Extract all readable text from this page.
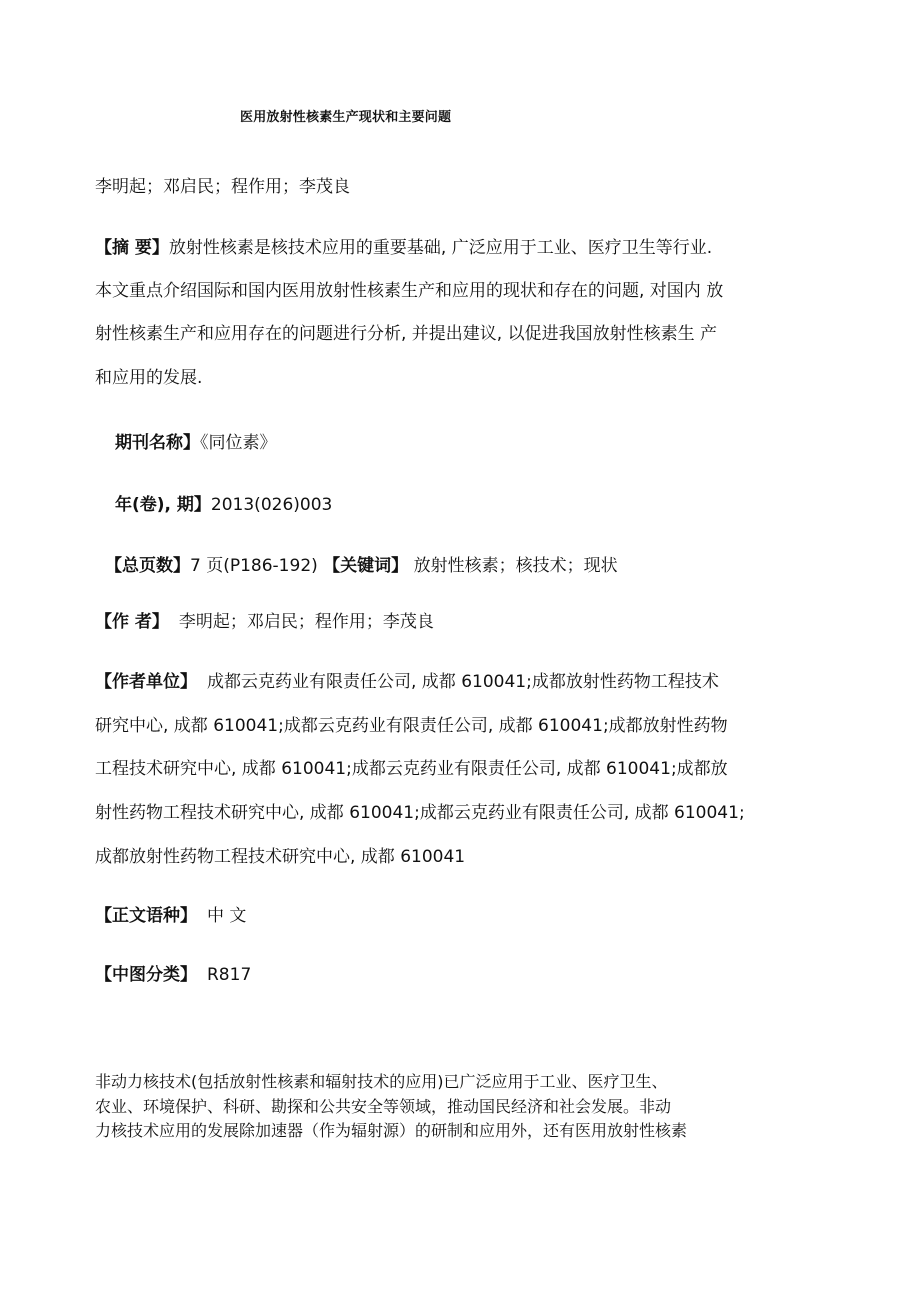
医用放射性核素生产现状和主要问题
李明起；邓启民；程作用；李茂良
【摘 要】放射性核素是核技术应用的重要基础, 广泛应用于工业、医疗卫生等行业.
本文重点介绍国际和国内医用放射性核素生产和应用的现状和存在的问题, 对国内 放
射性核素生产和应用存在的问题进行分析, 并提出建议, 以促进我国放射性核素生 产
和应用的发展.
期刊名称】《同位素》
年(卷), 期】2013(026)003
【总页数】7 页(P186-192) 【关键词】 放射性核素；核技术；现状
【作 者】 李明起；邓启民；程作用；李茂良
【作者单位】 成都云克药业有限责任公司, 成都 610041;成都放射性药物工程技术
研究中心, 成都 610041;成都云克药业有限责任公司, 成都 610041;成都放射性药物
工程技术研究中心, 成都 610041;成都云克药业有限责任公司, 成都 610041;成都放
射性药物工程技术研究中心, 成都 610041;成都云克药业有限责任公司, 成都 610041;
成都放射性药物工程技术研究中心, 成都 610041
【正文语种】 中 文
【中图分类】 R817
非动力核技术(包括放射性核素和辐射技术的应用)已广泛应用于工业、医疗卫生、
农业、环境保护、科研、勘探和公共安全等领域，推动国民经济和社会发展。非动
力核技术应用的发展除加速器（作为辐射源）的研制和应用外，还有医用放射性核素
